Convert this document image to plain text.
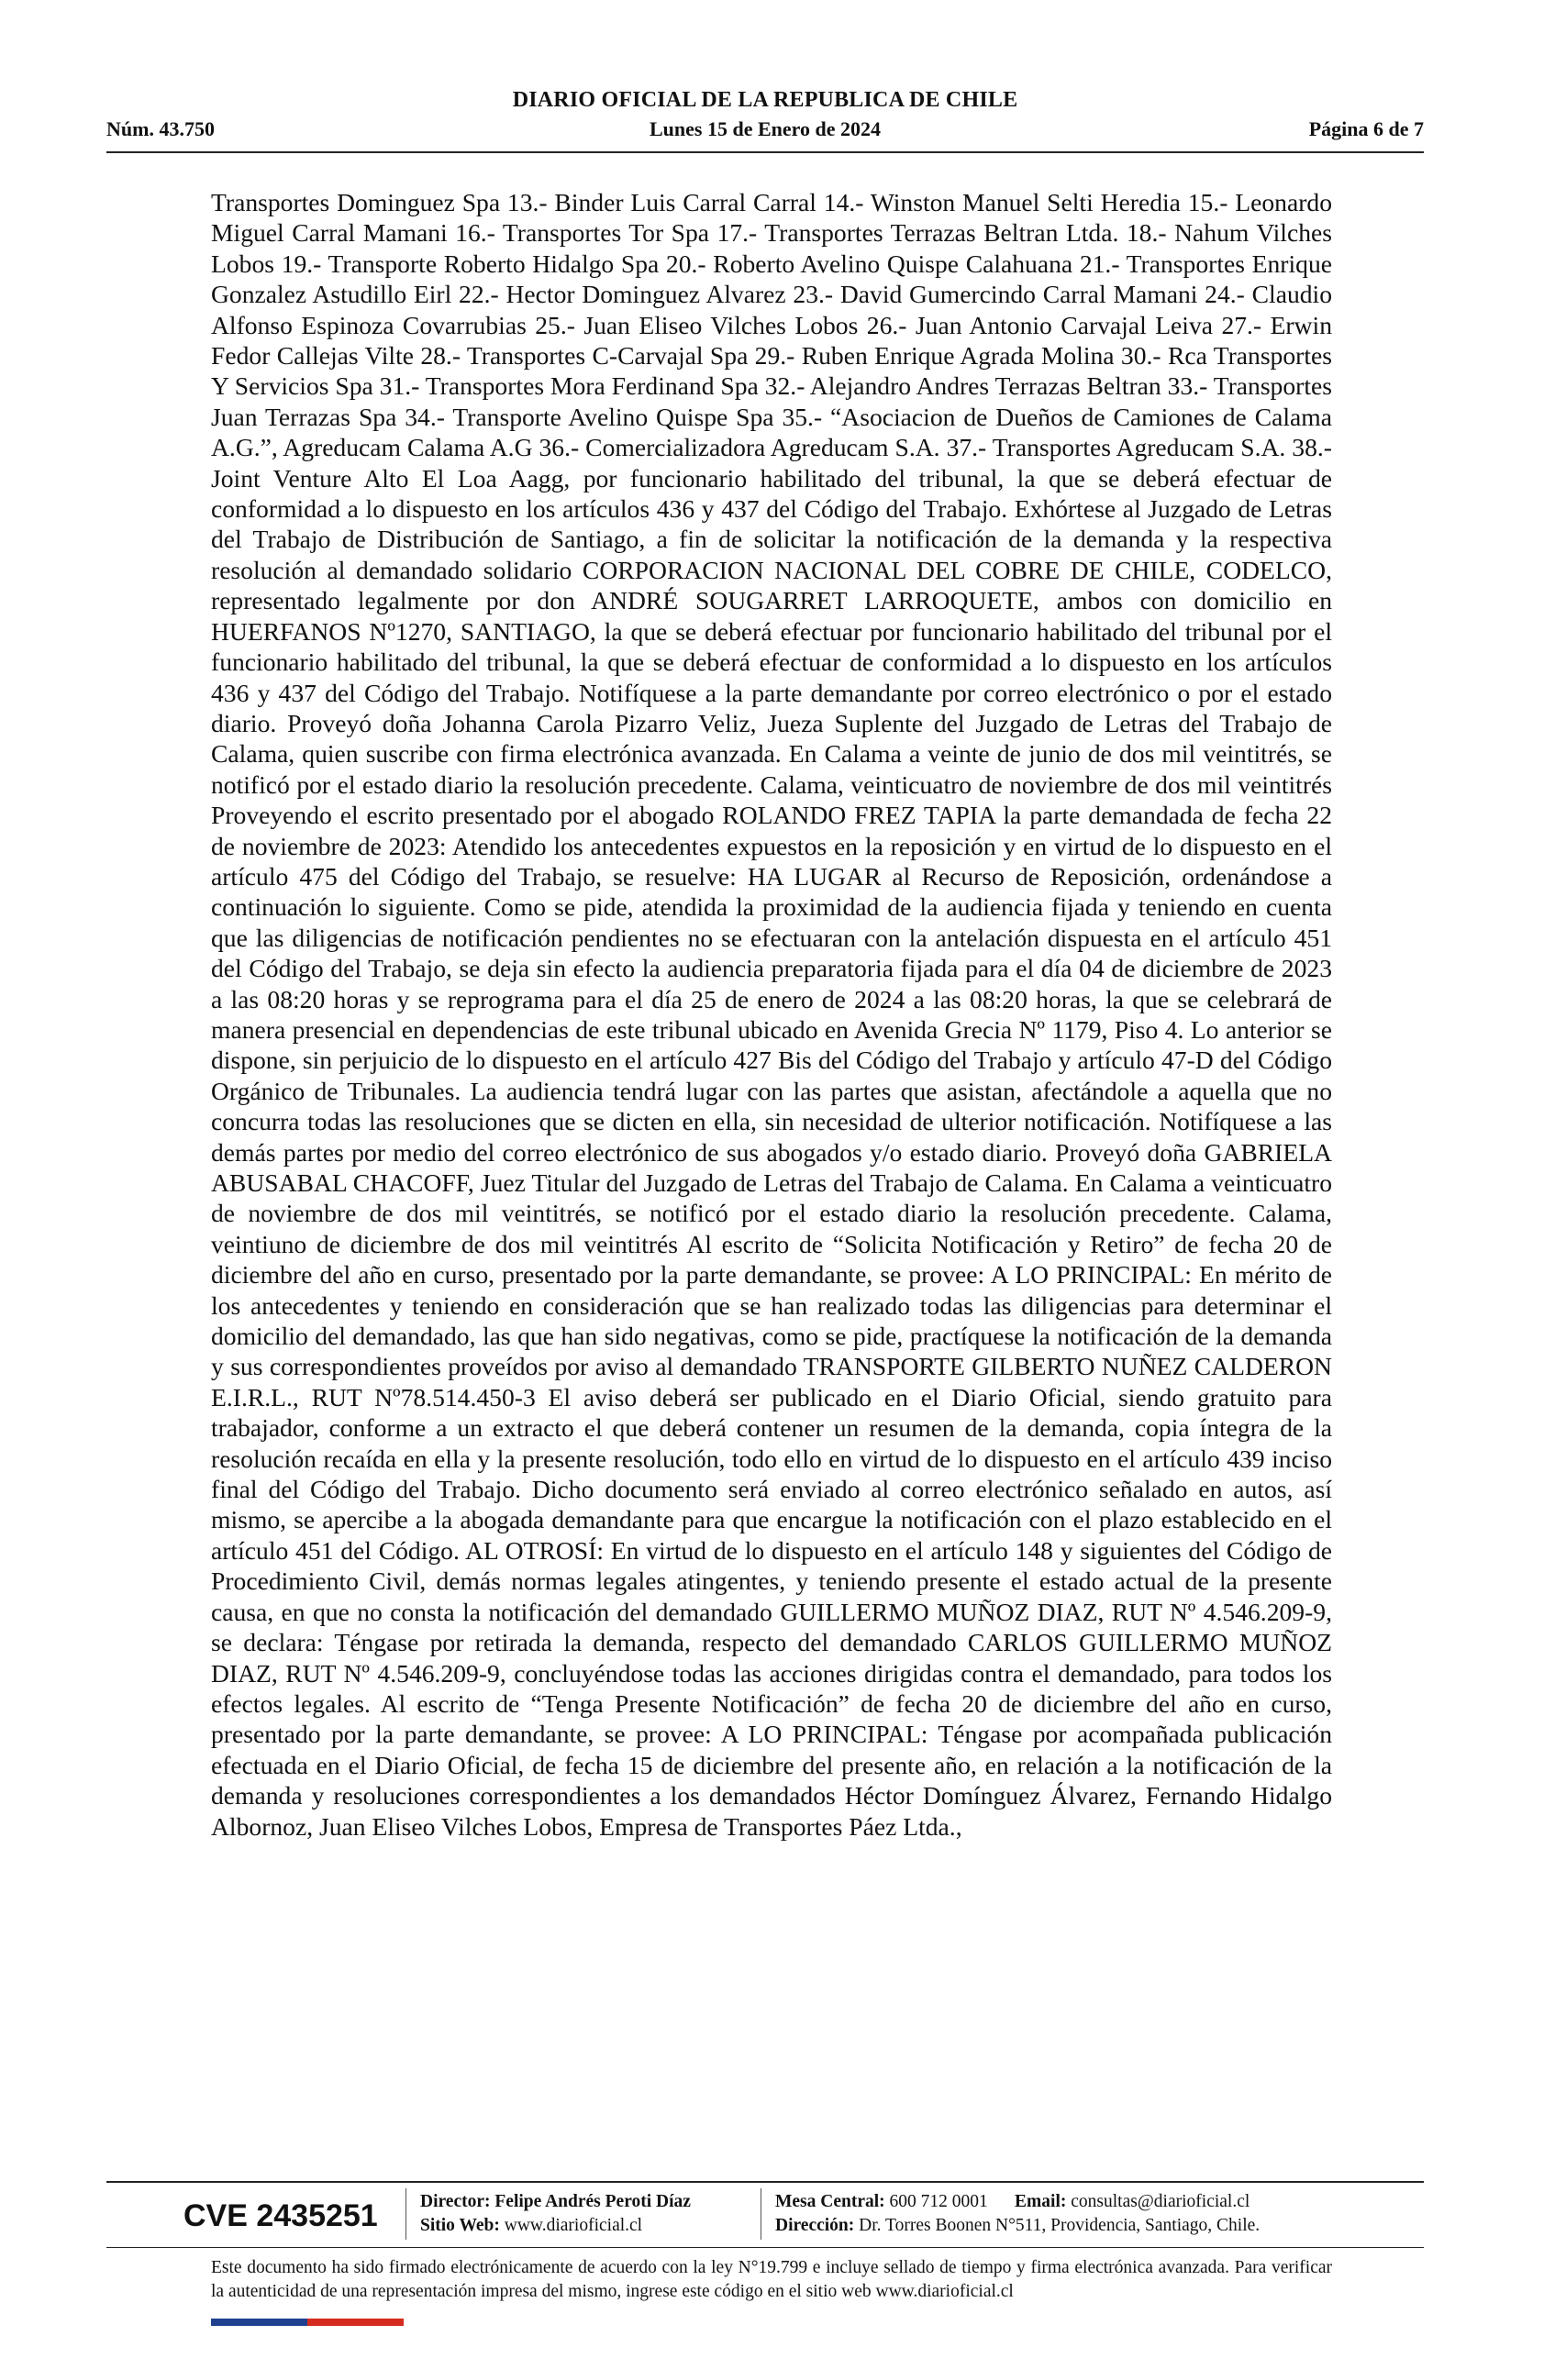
DIARIO OFICIAL DE LA REPUBLICA DE CHILE
Núm. 43.750	Lunes 15 de Enero de 2024	Página 6 de 7
Transportes Dominguez Spa 13.- Binder Luis Carral Carral 14.- Winston Manuel Selti Heredia 15.- Leonardo Miguel Carral Mamani 16.- Transportes Tor Spa 17.- Transportes Terrazas Beltran Ltda. 18.- Nahum Vilches Lobos 19.- Transporte Roberto Hidalgo Spa 20.- Roberto Avelino Quispe Calahuana 21.- Transportes Enrique Gonzalez Astudillo Eirl 22.- Hector Dominguez Alvarez 23.- David Gumercindo Carral Mamani 24.- Claudio Alfonso Espinoza Covarrubias 25.- Juan Eliseo Vilches Lobos 26.- Juan Antonio Carvajal Leiva 27.- Erwin Fedor Callejas Vilte 28.- Transportes C-Carvajal Spa 29.- Ruben Enrique Agrada Molina 30.- Rca Transportes Y Servicios Spa 31.- Transportes Mora Ferdinand Spa 32.- Alejandro Andres Terrazas Beltran 33.- Transportes Juan Terrazas Spa 34.- Transporte Avelino Quispe Spa 35.- “Asociacion de Dueños de Camiones de Calama A.G.”, Agreducam Calama A.G 36.- Comercializadora Agreducam S.A. 37.- Transportes Agreducam S.A. 38.- Joint Venture Alto El Loa Aagg, por funcionario habilitado del tribunal, la que se deberá efectuar de conformidad a lo dispuesto en los artículos 436 y 437 del Código del Trabajo. Exhórtese al Juzgado de Letras del Trabajo de Distribución de Santiago, a fin de solicitar la notificación de la demanda y la respectiva resolución al demandado solidario CORPORACION NACIONAL DEL COBRE DE CHILE, CODELCO, representado legalmente por don ANDRÉ SOUGARRET LARROQUETE, ambos con domicilio en HUERFANOS Nº1270, SANTIAGO, la que se deberá efectuar por funcionario habilitado del tribunal por el funcionario habilitado del tribunal, la que se deberá efectuar de conformidad a lo dispuesto en los artículos 436 y 437 del Código del Trabajo. Notifíquese a la parte demandante por correo electrónico o por el estado diario. Proveyó doña Johanna Carola Pizarro Veliz, Jueza Suplente del Juzgado de Letras del Trabajo de Calama, quien suscribe con firma electrónica avanzada. En Calama a veinte de junio de dos mil veintitrés, se notificó por el estado diario la resolución precedente. Calama, veinticuatro de noviembre de dos mil veintitrés Proveyendo el escrito presentado por el abogado ROLANDO FREZ TAPIA la parte demandada de fecha 22 de noviembre de 2023: Atendido los antecedentes expuestos en la reposición y en virtud de lo dispuesto en el artículo 475 del Código del Trabajo, se resuelve: HA LUGAR al Recurso de Reposición, ordenándose a continuación lo siguiente. Como se pide, atendida la proximidad de la audiencia fijada y teniendo en cuenta que las diligencias de notificación pendientes no se efectuaran con la antelación dispuesta en el artículo 451 del Código del Trabajo, se deja sin efecto la audiencia preparatoria fijada para el día 04 de diciembre de 2023 a las 08:20 horas y se reprograma para el día 25 de enero de 2024 a las 08:20 horas, la que se celebrará de manera presencial en dependencias de este tribunal ubicado en Avenida Grecia Nº 1179, Piso 4. Lo anterior se dispone, sin perjuicio de lo dispuesto en el artículo 427 Bis del Código del Trabajo y artículo 47-D del Código Orgánico de Tribunales. La audiencia tendrá lugar con las partes que asistan, afectándole a aquella que no concurra todas las resoluciones que se dicten en ella, sin necesidad de ulterior notificación. Notifíquese a las demás partes por medio del correo electrónico de sus abogados y/o estado diario. Proveyó doña GABRIELA ABUSABAL CHACOFF, Juez Titular del Juzgado de Letras del Trabajo de Calama. En Calama a veinticuatro de noviembre de dos mil veintitrés, se notificó por el estado diario la resolución precedente. Calama, veintiuno de diciembre de dos mil veintitrés Al escrito de “Solicita Notificación y Retiro” de fecha 20 de diciembre del año en curso, presentado por la parte demandante, se provee: A LO PRINCIPAL: En mérito de los antecedentes y teniendo en consideración que se han realizado todas las diligencias para determinar el domicilio del demandado, las que han sido negativas, como se pide, practíquese la notificación de la demanda y sus correspondientes proveídos por aviso al demandado TRANSPORTE GILBERTO NUÑEZ CALDERON E.I.R.L., RUT Nº78.514.450-3 El aviso deberá ser publicado en el Diario Oficial, siendo gratuito para trabajador, conforme a un extracto el que deberá contener un resumen de la demanda, copia íntegra de la resolución recaída en ella y la presente resolución, todo ello en virtud de lo dispuesto en el artículo 439 inciso final del Código del Trabajo. Dicho documento será enviado al correo electrónico señalado en autos, así mismo, se apercibe a la abogada demandante para que encargue la notificación con el plazo establecido en el artículo 451 del Código. AL OTROSÍ: En virtud de lo dispuesto en el artículo 148 y siguientes del Código de Procedimiento Civil, demás normas legales atingentes, y teniendo presente el estado actual de la presente causa, en que no consta la notificación del demandado GUILLERMO MUÑOZ DIAZ, RUT Nº 4.546.209-9, se declara: Téngase por retirada la demanda, respecto del demandado CARLOS GUILLERMO MUÑOZ DIAZ, RUT Nº 4.546.209-9, concluyéndose todas las acciones dirigidas contra el demandado, para todos los efectos legales. Al escrito de “Tenga Presente Notificación” de fecha 20 de diciembre del año en curso, presentado por la parte demandante, se provee: A LO PRINCIPAL: Téngase por acompañada publicación efectuada en el Diario Oficial, de fecha 15 de diciembre del presente año, en relación a la notificación de la demanda y resoluciones correspondientes a los demandados Héctor Domínguez Álvarez, Fernando Hidalgo Albornoz, Juan Eliseo Vilches Lobos, Empresa de Transportes Páez Ltda.,
CVE 2435251 Director: Felipe Andrés Peroti Díaz
Sitio Web: www.diarioficial.cl
Mesa Central: 600 712 0001 Email: consultas@diarioficial.cl
Dirección: Dr. Torres Boonen N°511, Providencia, Santiago, Chile.
Este documento ha sido firmado electrónicamente de acuerdo con la ley N°19.799 e incluye sellado de tiempo y firma electrónica avanzada. Para verificar la autenticidad de una representación impresa del mismo, ingrese este código en el sitio web www.diarioficial.cl
